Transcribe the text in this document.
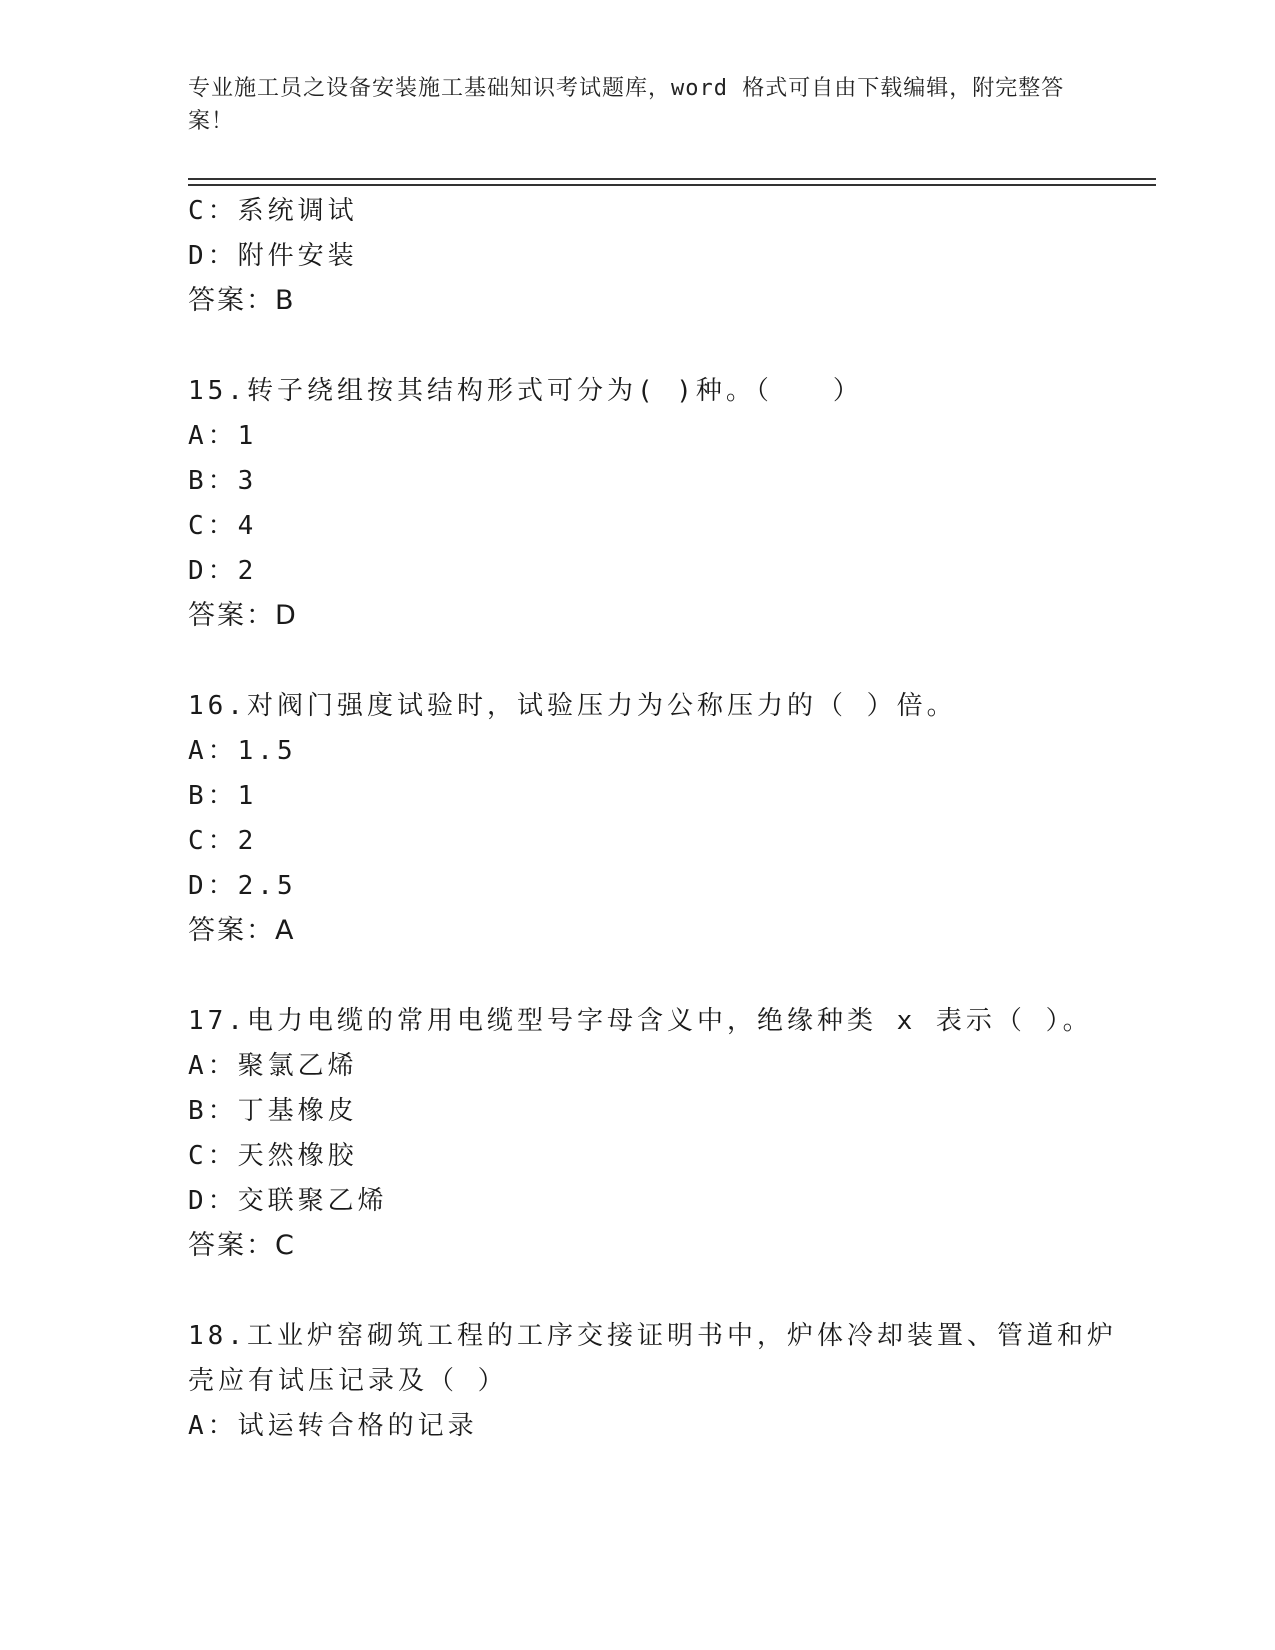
专业施工员之设备安装施工基础知识考试题库，word 格式可自由下载编辑，附完整答案！
C：系统调试
D：附件安装
答案：B
15.转子绕组按其结构形式可分为( )种。（　　）
A：1
B：3
C：4
D：2
答案：D
16.对阀门强度试验时，试验压力为公称压力的（ ）倍。
A：1.5
B：1
C：2
D：2.5
答案：A
17.电力电缆的常用电缆型号字母含义中，绝缘种类 x 表示（ ）。
A：聚氯乙烯
B：丁基橡皮
C：天然橡胶
D：交联聚乙烯
答案：C
18.工业炉窑砌筑工程的工序交接证明书中，炉体冷却装置、管道和炉
壳应有试压记录及（ ）
A：试运转合格的记录
